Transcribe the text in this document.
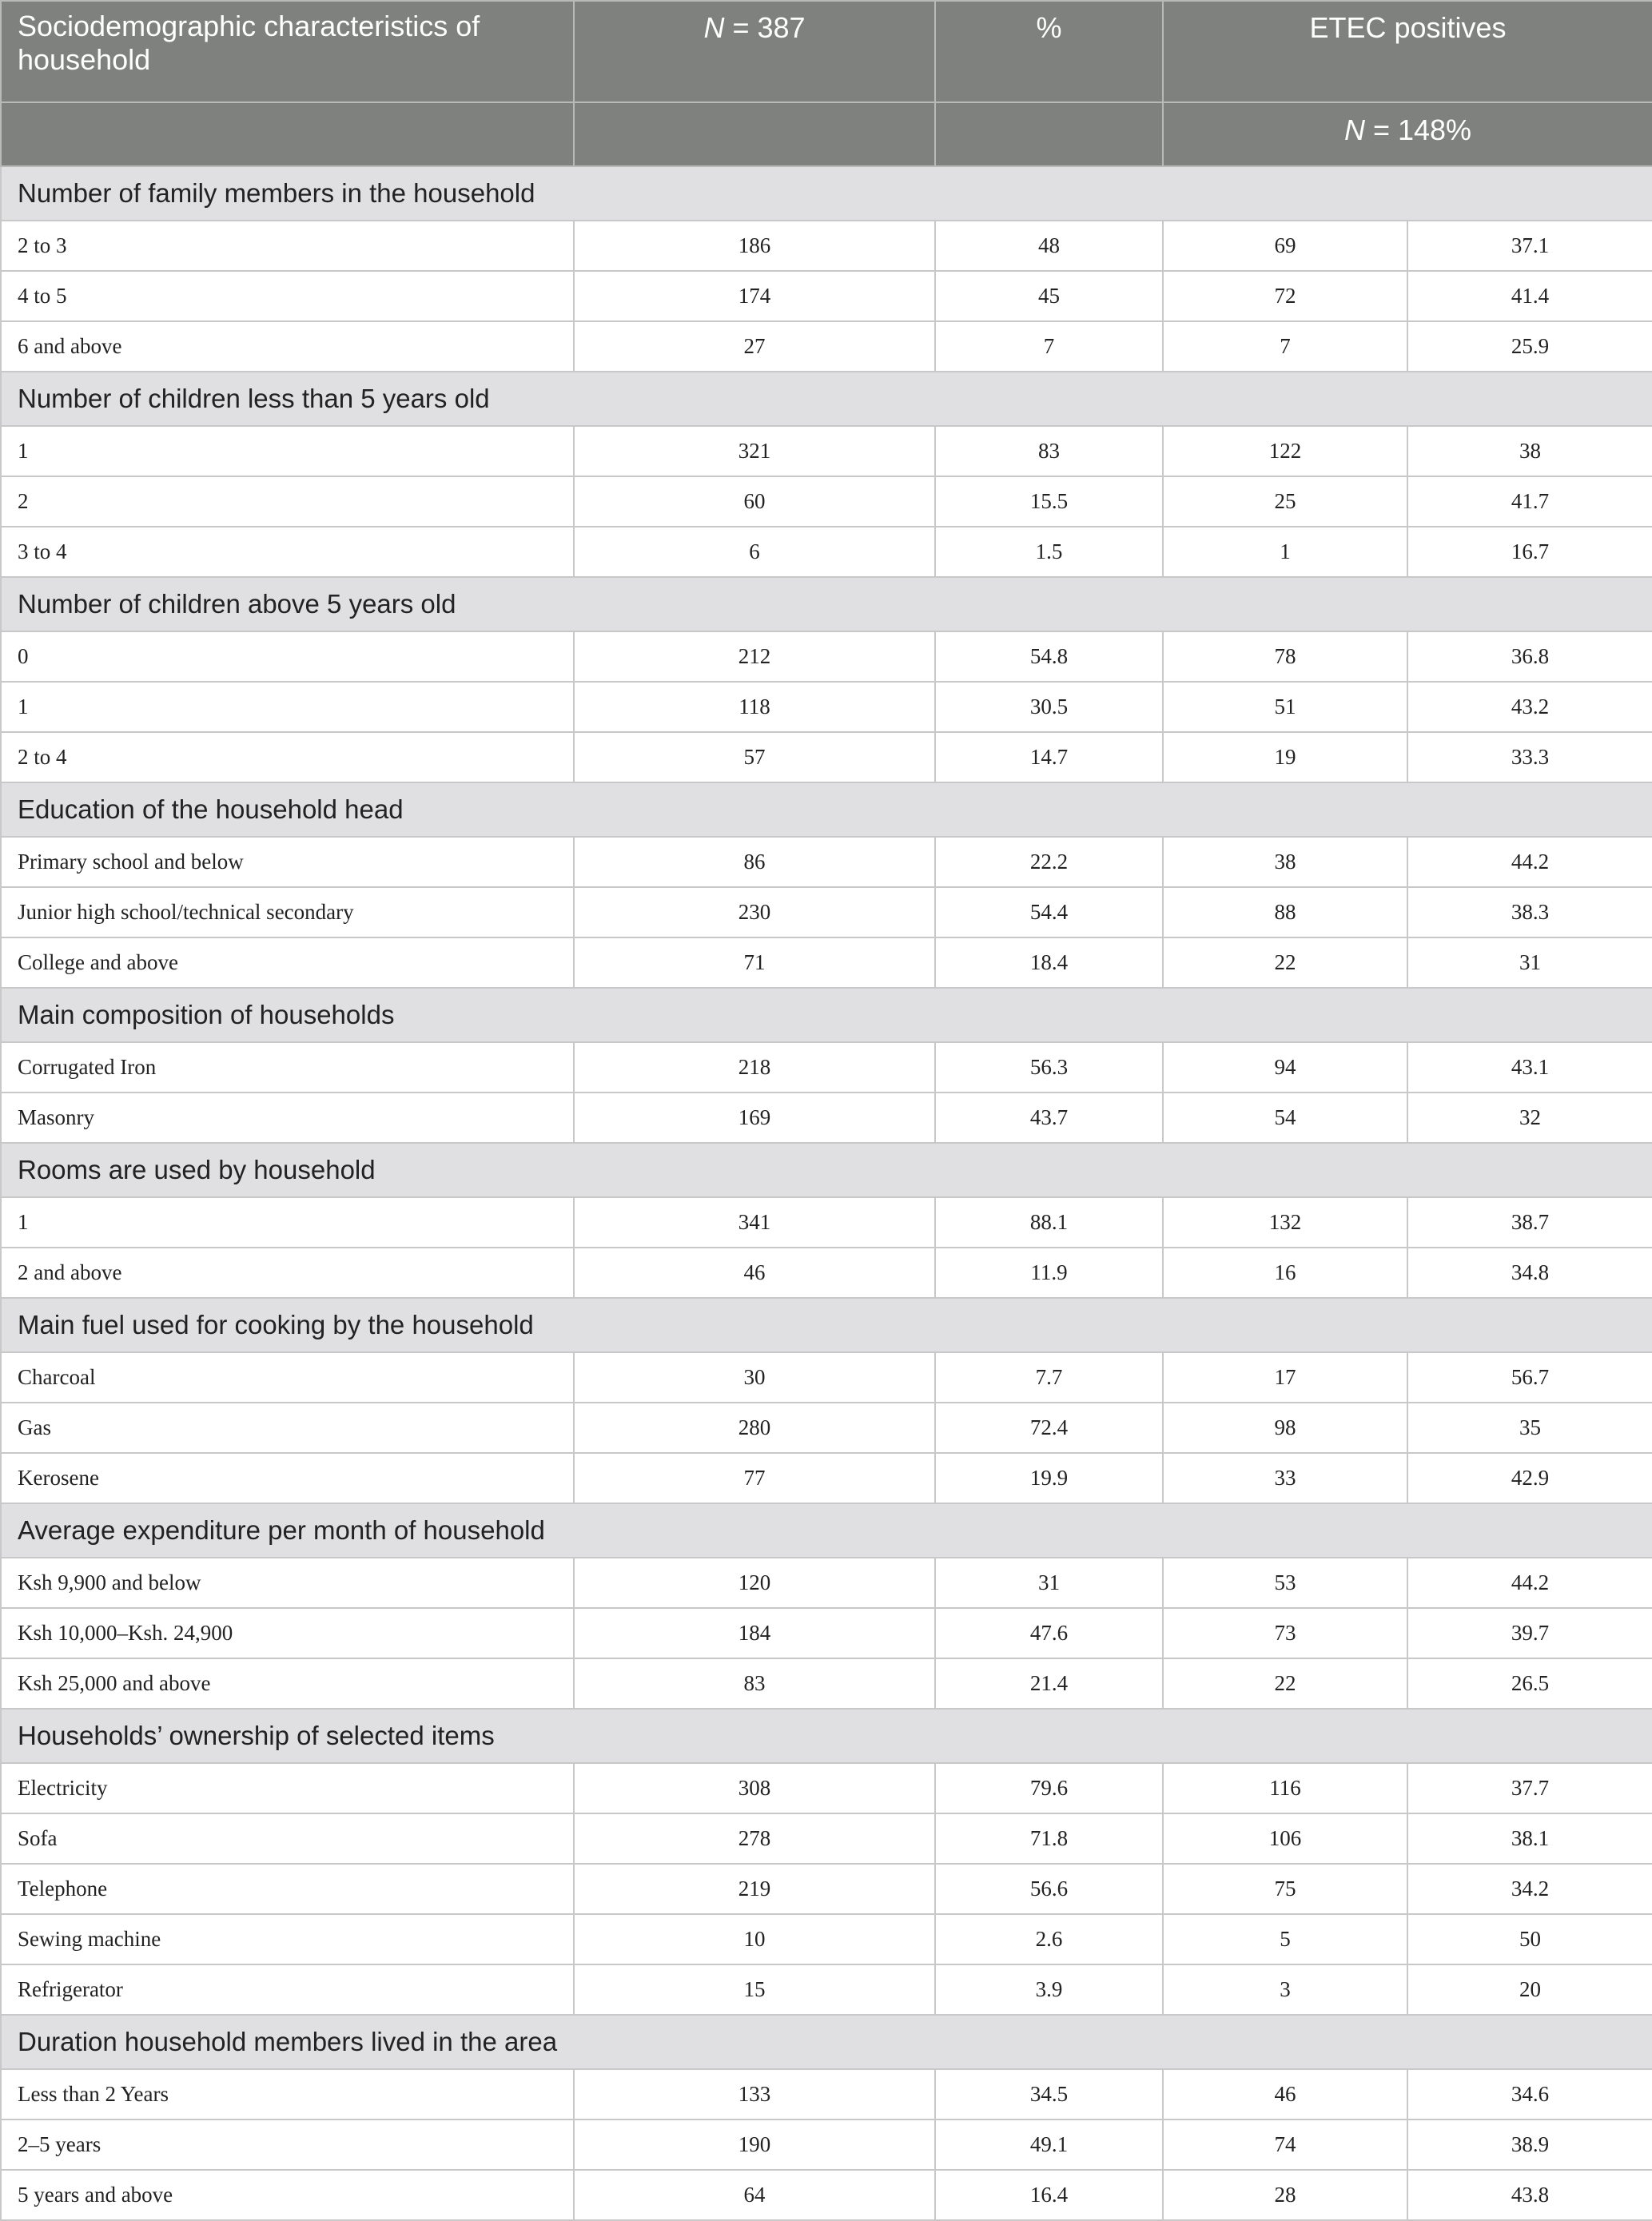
Sociodemographic characteristics of household	N = 387	%	ETEC positives	
			N = 148%	
Number of family members in the household				
2 to 3	186	48	69	37.1
4 to 5	174	45	72	41.4
6 and above	27	7	7	25.9
Number of children less than 5 years old				
1	321	83	122	38
2	60	15.5	25	41.7
3 to 4	6	1.5	1	16.7
Number of children above 5 years old				
0	212	54.8	78	36.8
1	118	30.5	51	43.2
2 to 4	57	14.7	19	33.3
Education of the household head				
Primary school and below	86	22.2	38	44.2
Junior high school/technical secondary	230	54.4	88	38.3
College and above	71	18.4	22	31
Main composition of households				
Corrugated Iron	218	56.3	94	43.1
Masonry	169	43.7	54	32
Rooms are used by household				
1	341	88.1	132	38.7
2 and above	46	11.9	16	34.8
Main fuel used for cooking by the household				
Charcoal	30	7.7	17	56.7
Gas	280	72.4	98	35
Kerosene	77	19.9	33	42.9
Average expenditure per month of household				
Ksh 9,900 and below	120	31	53	44.2
Ksh 10,000–Ksh. 24,900	184	47.6	73	39.7
Ksh 25,000 and above	83	21.4	22	26.5
Households’ ownership of selected items				
Electricity	308	79.6	116	37.7
Sofa	278	71.8	106	38.1
Telephone	219	56.6	75	34.2
Sewing machine	10	2.6	5	50
Refrigerator	15	3.9	3	20
Duration household members lived in the area				
Less than 2 Years	133	34.5	46	34.6
2–5 years	190	49.1	74	38.9
5 years and above	64	16.4	28	43.8
